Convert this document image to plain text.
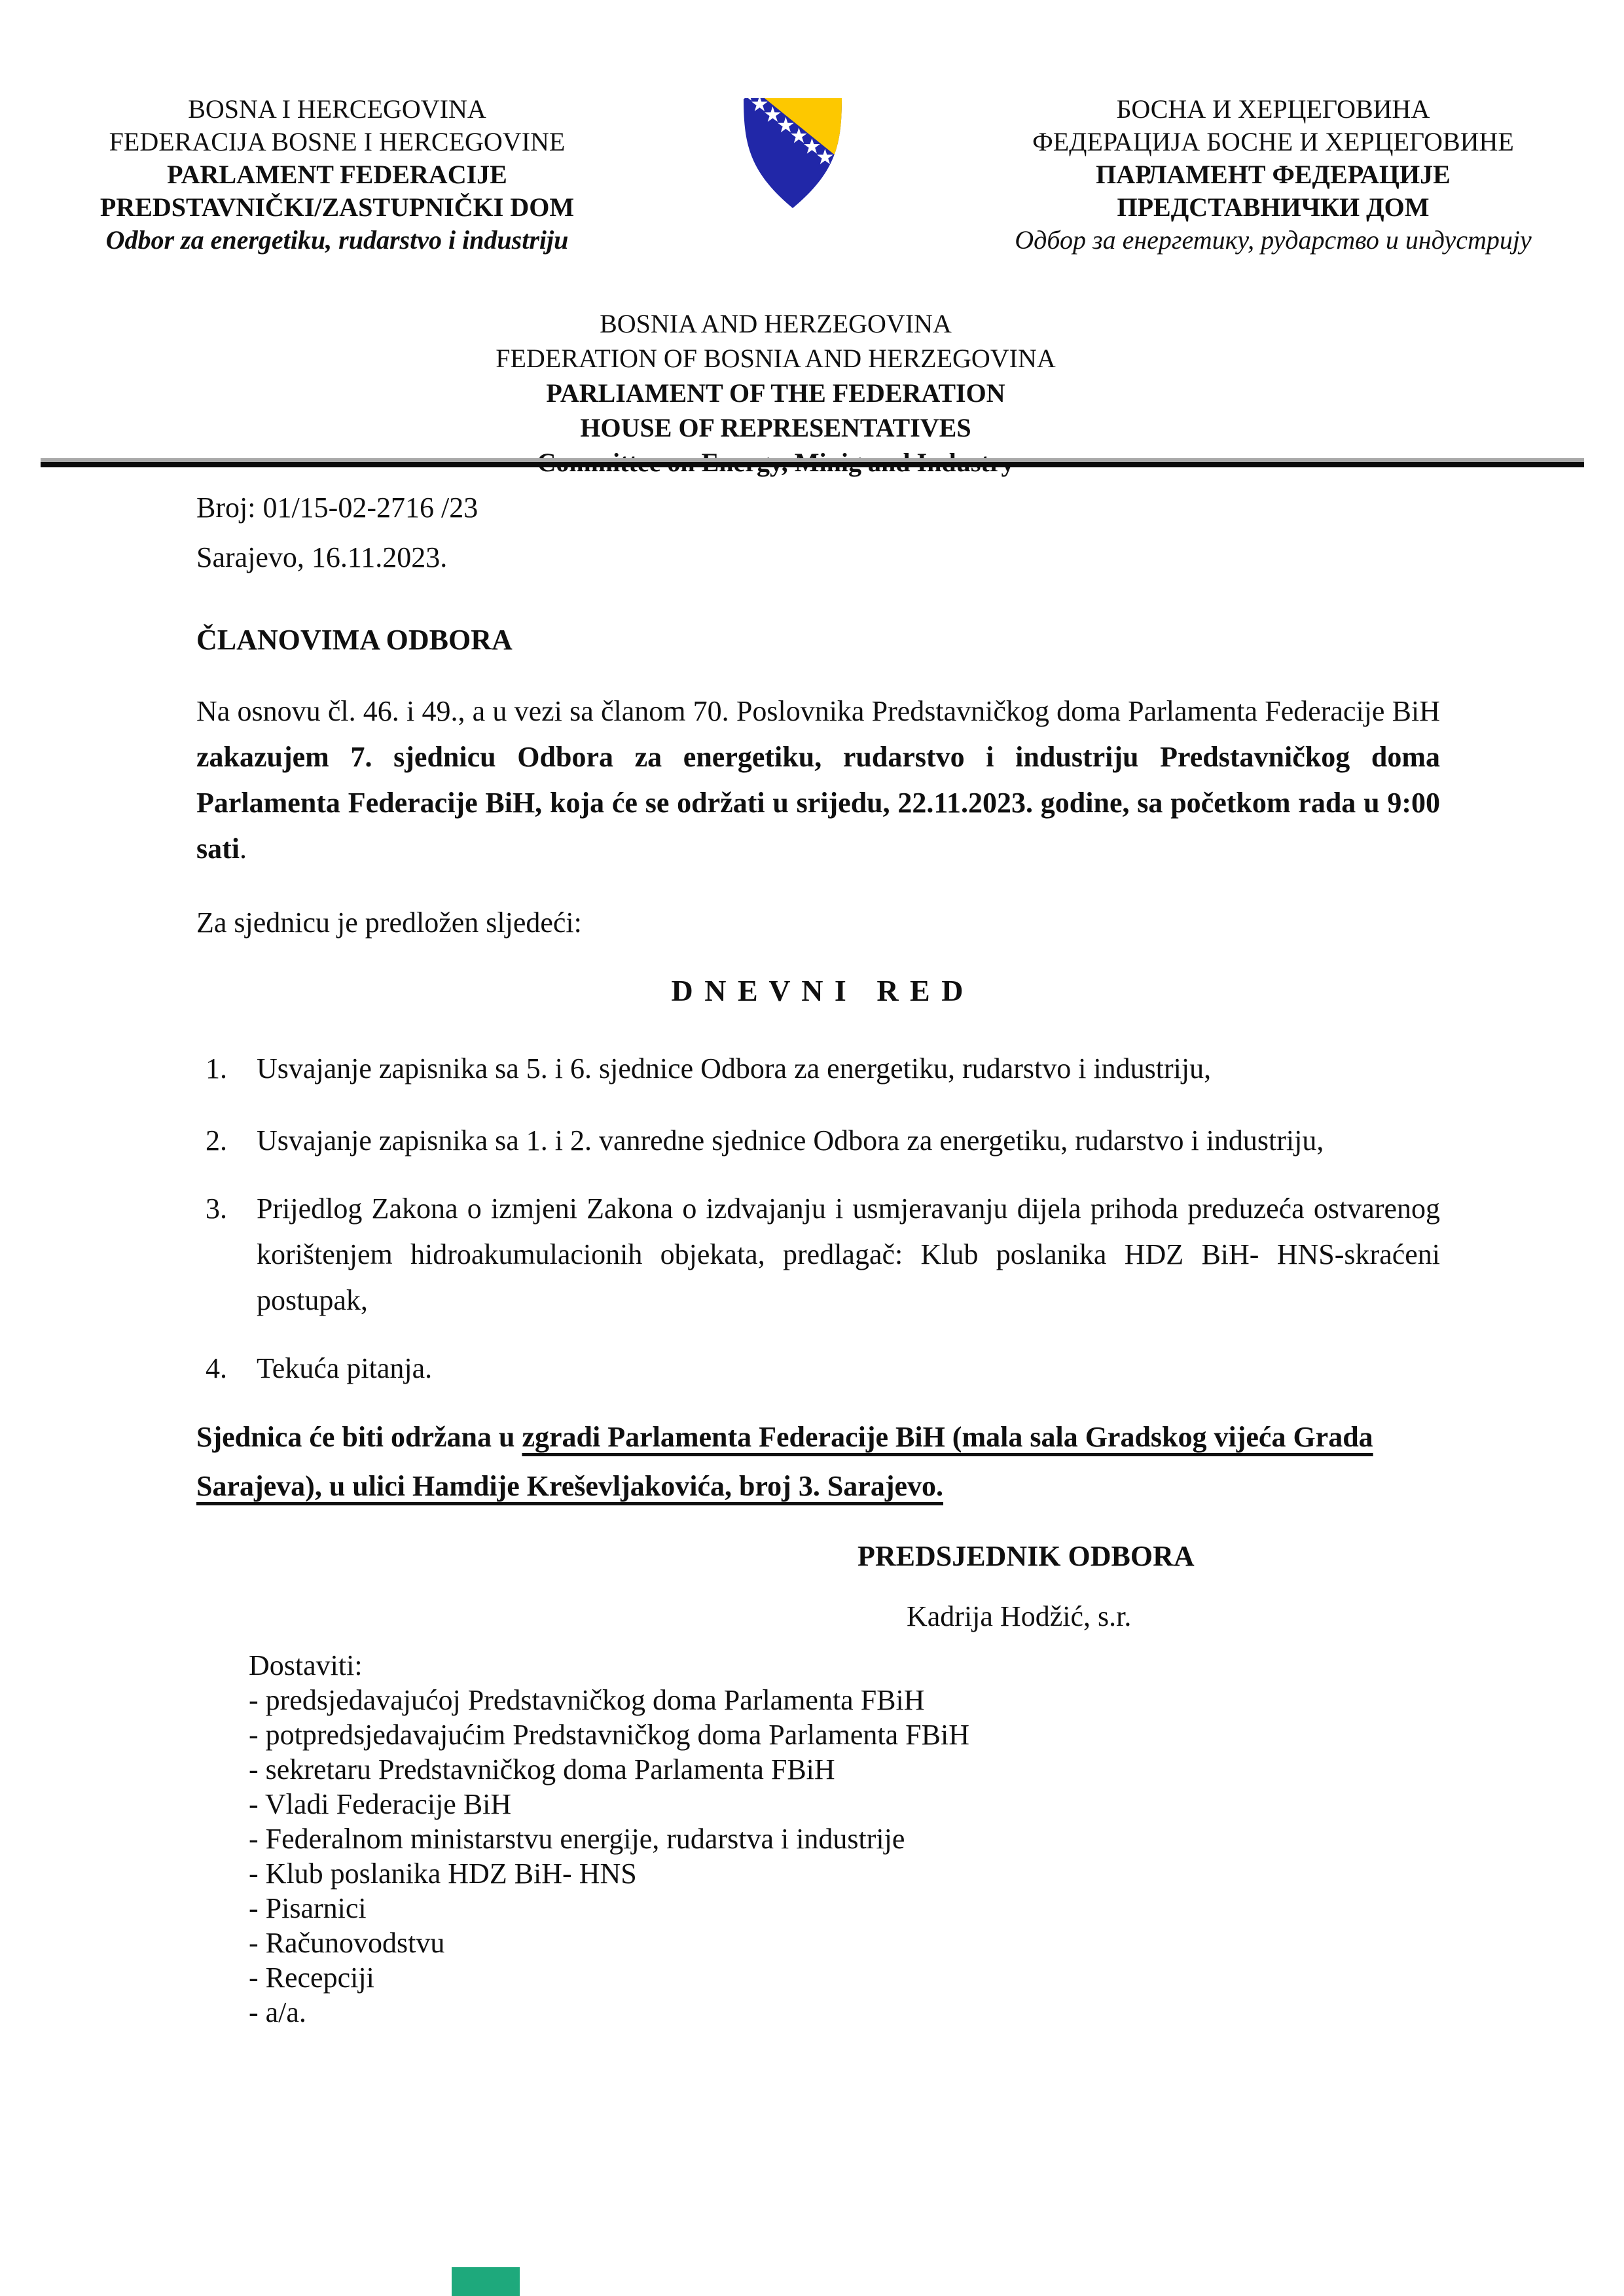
BOSNA I HERCEGOVINA
FEDERACIJA BOSNE I HERCEGOVINE
PARLAMENT FEDERACIJE
PREDSTAVNIČKI/ZASTUPNIČKI DOM
Odbor za energetiku, rudarstvo i industriju
БОСНА И ХЕРЦЕГОВИНА
ФЕДЕРАЦИЈА БОСНЕ И ХЕРЦЕГОВИНЕ
ПАРЛАМЕНТ ФЕДЕРАЦИЈЕ
ПРЕДСТАВНИЧКИ ДОМ
Одбор за енергетику, рударство и индустрију
BOSNIA AND HERZEGOVINA
FEDERATION OF BOSNIA AND HERZEGOVINA
PARLIAMENT OF THE FEDERATION
HOUSE OF REPRESENTATIVES
Broj: 01/15-02-2716 /23
Sarajevo, 16.11.2023.
ČLANOVIMA ODBORA
Na osnovu čl. 46. i 49., a u vezi sa članom 70. Poslovnika Predstavničkog doma Parlamenta Federacije BiH zakazujem 7. sjednicu Odbora za energetiku, rudarstvo i industriju Predstavničkog doma Parlamenta Federacije BiH, koja će se održati u srijedu, 22.11.2023. godine, sa početkom rada u 9:00 sati.
Za sjednicu je predložen sljedeći:
D N E V N I   R E D
1.	Usvajanje zapisnika sa 5. i 6. sjednice Odbora za energetiku, rudarstvo i industriju,
2.	Usvajanje zapisnika sa 1. i 2. vanredne sjednice Odbora za energetiku, rudarstvo i industriju,
3.	Prijedlog Zakona o izmjeni Zakona o izdvajanju i usmjeravanju dijela prihoda preduzeća ostvarenog korištenjem hidroakumulacionih objekata, predlagač: Klub poslanika HDZ BiH- HNS-skraćeni postupak,
4.	Tekuća pitanja.
Sjednica će biti održana u zgradi Parlamenta Federacije BiH (mala sala Gradskog vijeća Grada Sarajeva), u ulici Hamdije Kreševljakovića, broj 3. Sarajevo.
PREDSJEDNIK ODBORA
Kadrija Hodžić, s.r.
Dostaviti:
- predsjedavajućoj Predstavničkog doma Parlamenta FBiH
- potpredsjedavajućim Predstavničkog doma Parlamenta FBiH
- sekretaru Predstavničkog doma Parlamenta FBiH
- Vladi Federacije BiH
- Federalnom ministarstvu energije, rudarstva i industrije
- Klub poslanika HDZ BiH- HNS
- Pisarnici
- Računovodstvu
- Recepciji
- a/a.
